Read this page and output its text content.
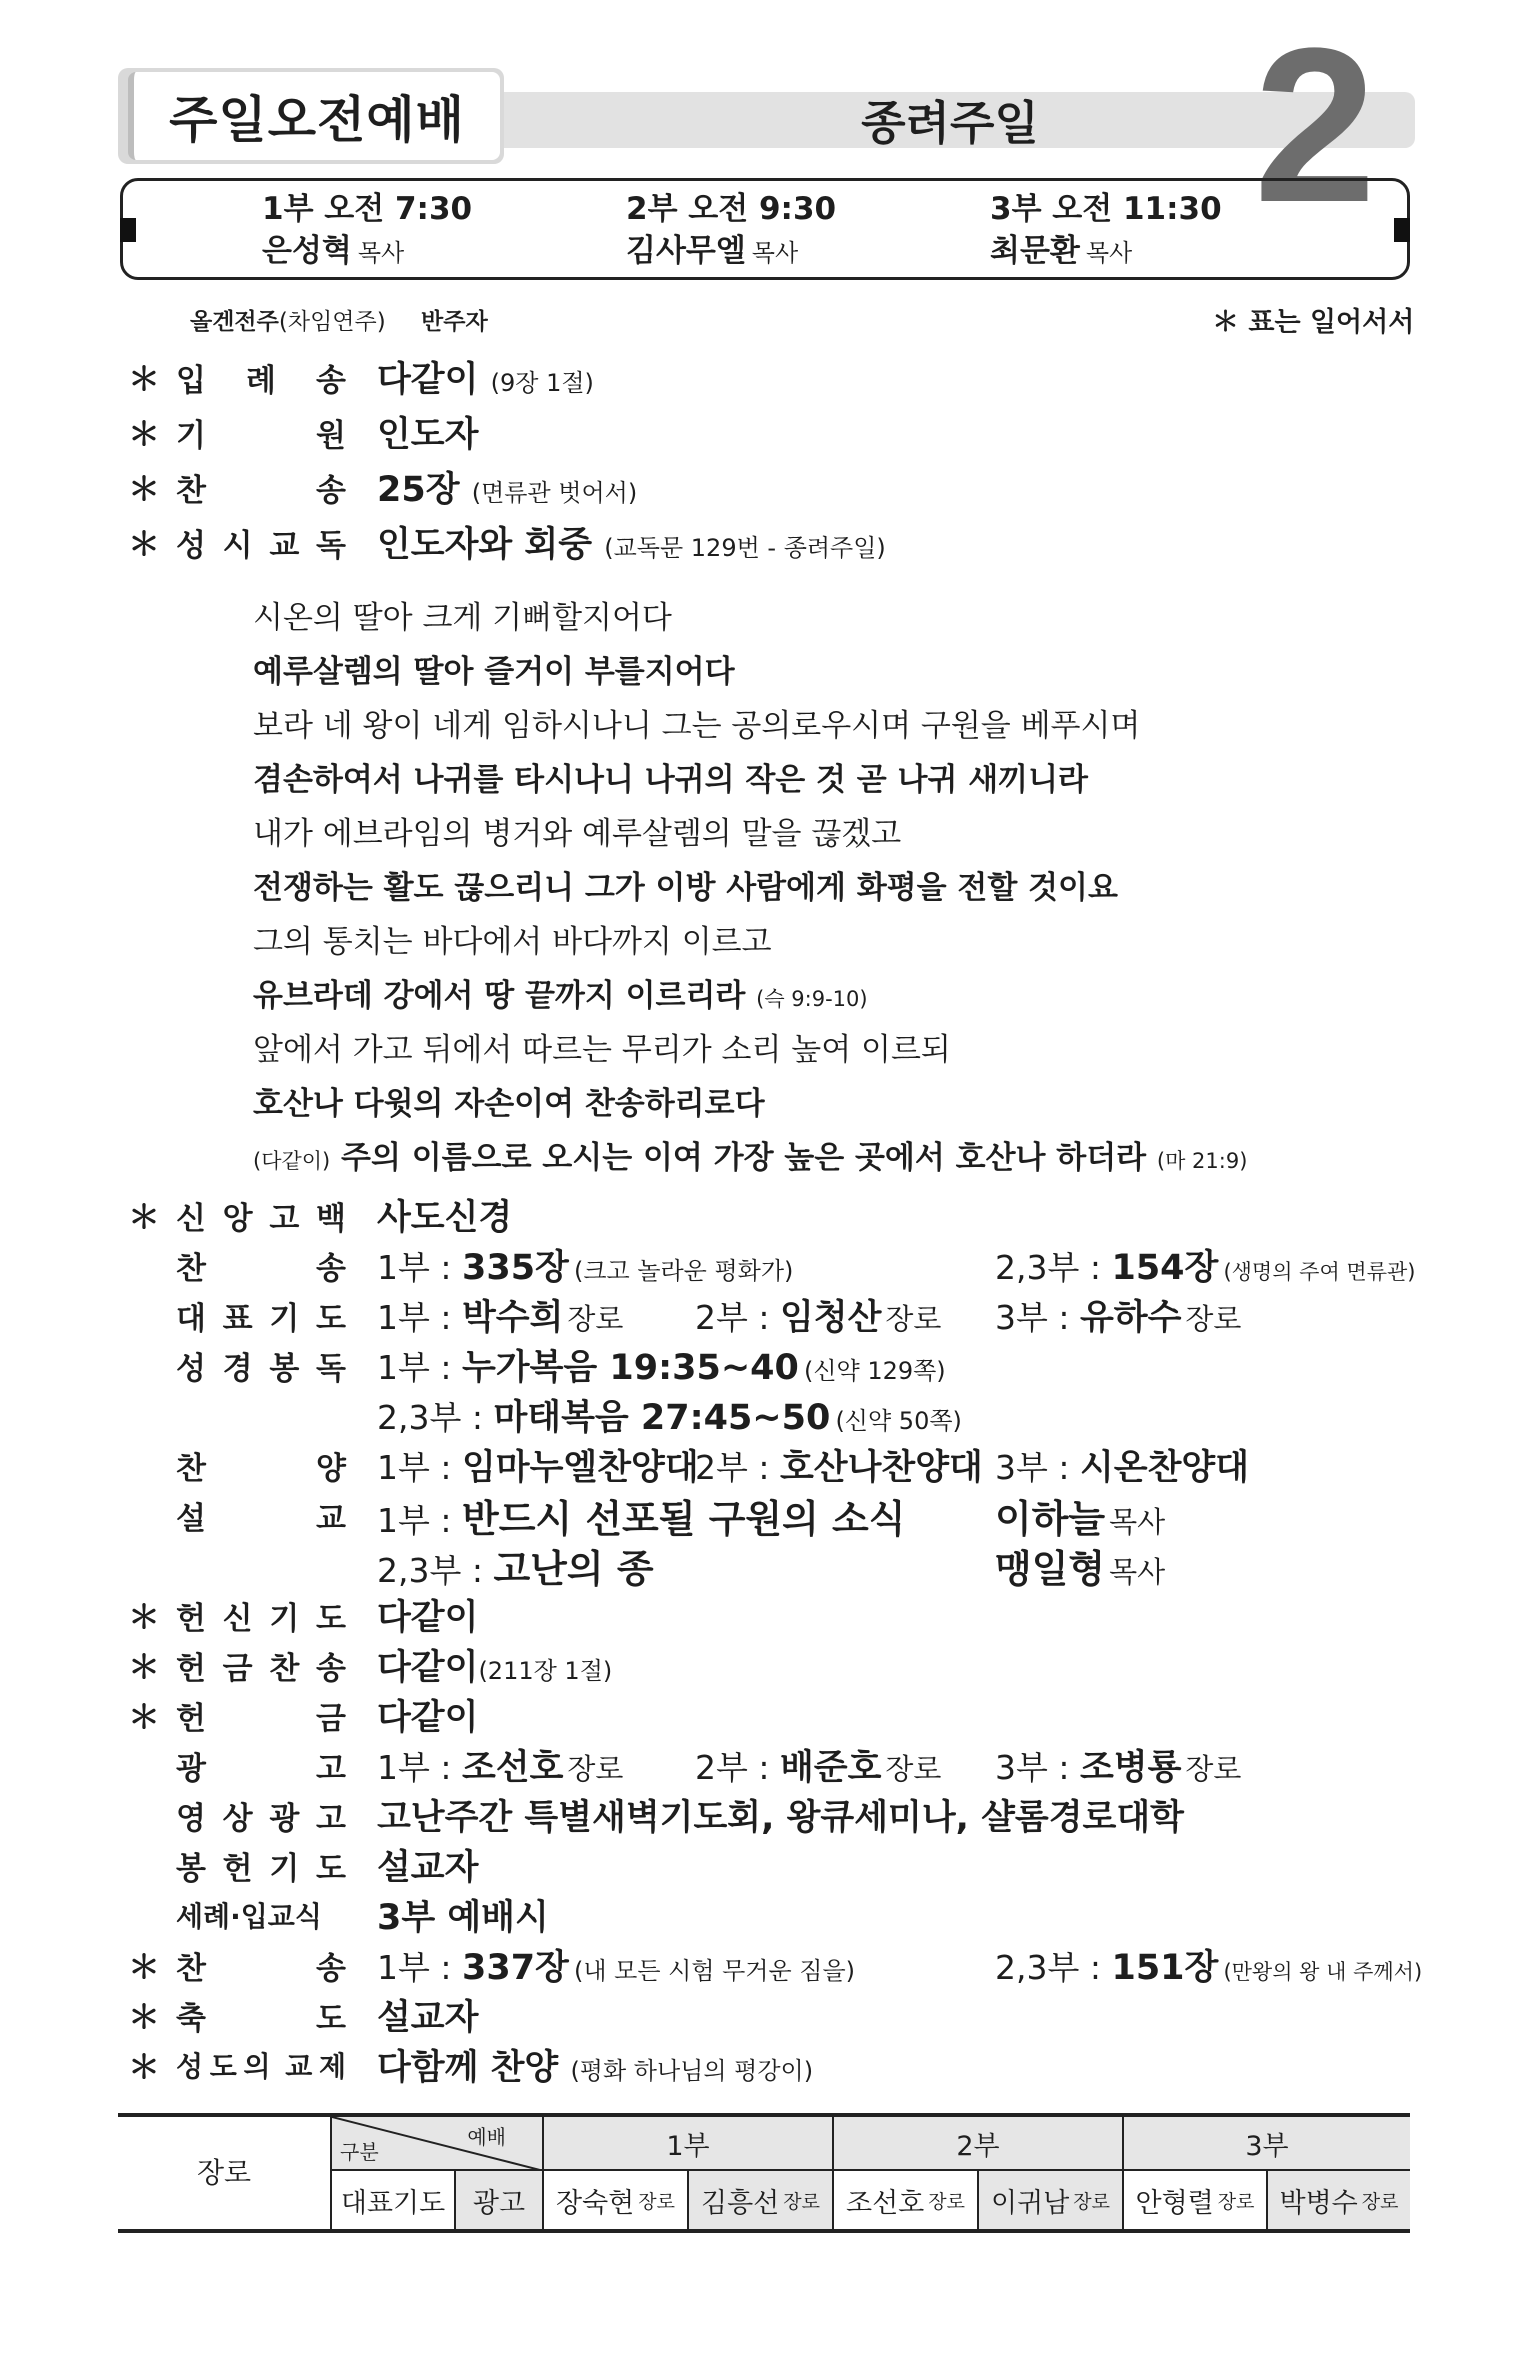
주일오전예배	종려주일 2
1부 오전 7:30
은성혁 목사
2부 오전 9:30
김사무엘 목사
3부 오전 11:30
최문환 목사
올겐전주(차임연주) 반주자	＊ 표는 일어서서
＊ 입 례 송 다같이 (9장 1절)
＊ 기	원 인도자
＊ 찬	송 25장 (면류관 벗어서)
＊ 성 시 교 독 인도자와 회중 (교독문 129번 - 종려주일)
시온의 딸아 크게 기뻐할지어다
예루살렘의 딸아 즐거이 부를지어다
보라 네 왕이 네게 임하시나니 그는 공의로우시며 구원을 베푸시며
겸손하여서 나귀를 타시나니 나귀의 작은 것 곧 나귀 새끼니라
내가 에브라임의 병거와 예루살렘의 말을 끊겠고
전쟁하는 활도 끊으리니 그가 이방 사람에게 화평을 전할 것이요
그의 통치는 바다에서 바다까지 이르고
유브라데 강에서 땅 끝까지 이르리라 (슥 9:9-10)
앞에서 가고 뒤에서 따르는 무리가 소리 높여 이르되
호산나 다윗의 자손이여 찬송하리로다
(다같이) 주의 이름으로 오시는 이여 가장 높은 곳에서 호산나 하더라 (마 21:9)
＊ 신 앙 고 백 사도신경
찬	송 1부 : 335장 (크고 놀라운 평화가)	2,3부 : 154장 (생명의 주여 면류관)
대 표 기 도 1부 : 박수희 장로 2부 : 임청산 장로 3부 : 유하수 장로
성 경 봉 독 1부 : 누가복음 19:35~40 (신약 129쪽)
2,3부 : 마태복음 27:45~50 (신약 50쪽)
찬	양 1부 : 임마누엘찬양대
2부 : 호산나찬양대 3부 : 시온찬양대
설	교 1부 : 반드시 선포될 구원의 소식 이하늘 목사
2,3부 : 고난의 종	맹일형 목사
＊ 헌 신 기 도 다같이
＊ 헌 금 찬 송 다같이(211장 1절)
＊ 헌	금 다같이
광	고 1부 : 조선호 장로 2부 : 배준호 장로 3부 : 조병룡 장로
영 상 광 고 고난주간 특별새벽기도회, 왕큐세미나, 샬롬경로대학
봉 헌 기 도 설교자
세례·입교식	3부 예배시
＊ 찬	송 1부 : 337장 (내 모든 시험 무거운 짐을)	2,3부 : 151장 (만왕의 왕 내 주께서)
＊ 축	도 설교자
＊ 성 도 의 교 제 다함께 찬양 (평화 하나님의 평강이)
장로
구분
예배	1부	2부	3부
대표기도	광고	장숙현 장로 김흥선 장로 조선호 장로 이귀남 장로 안형렬 장로 박병수 장로
